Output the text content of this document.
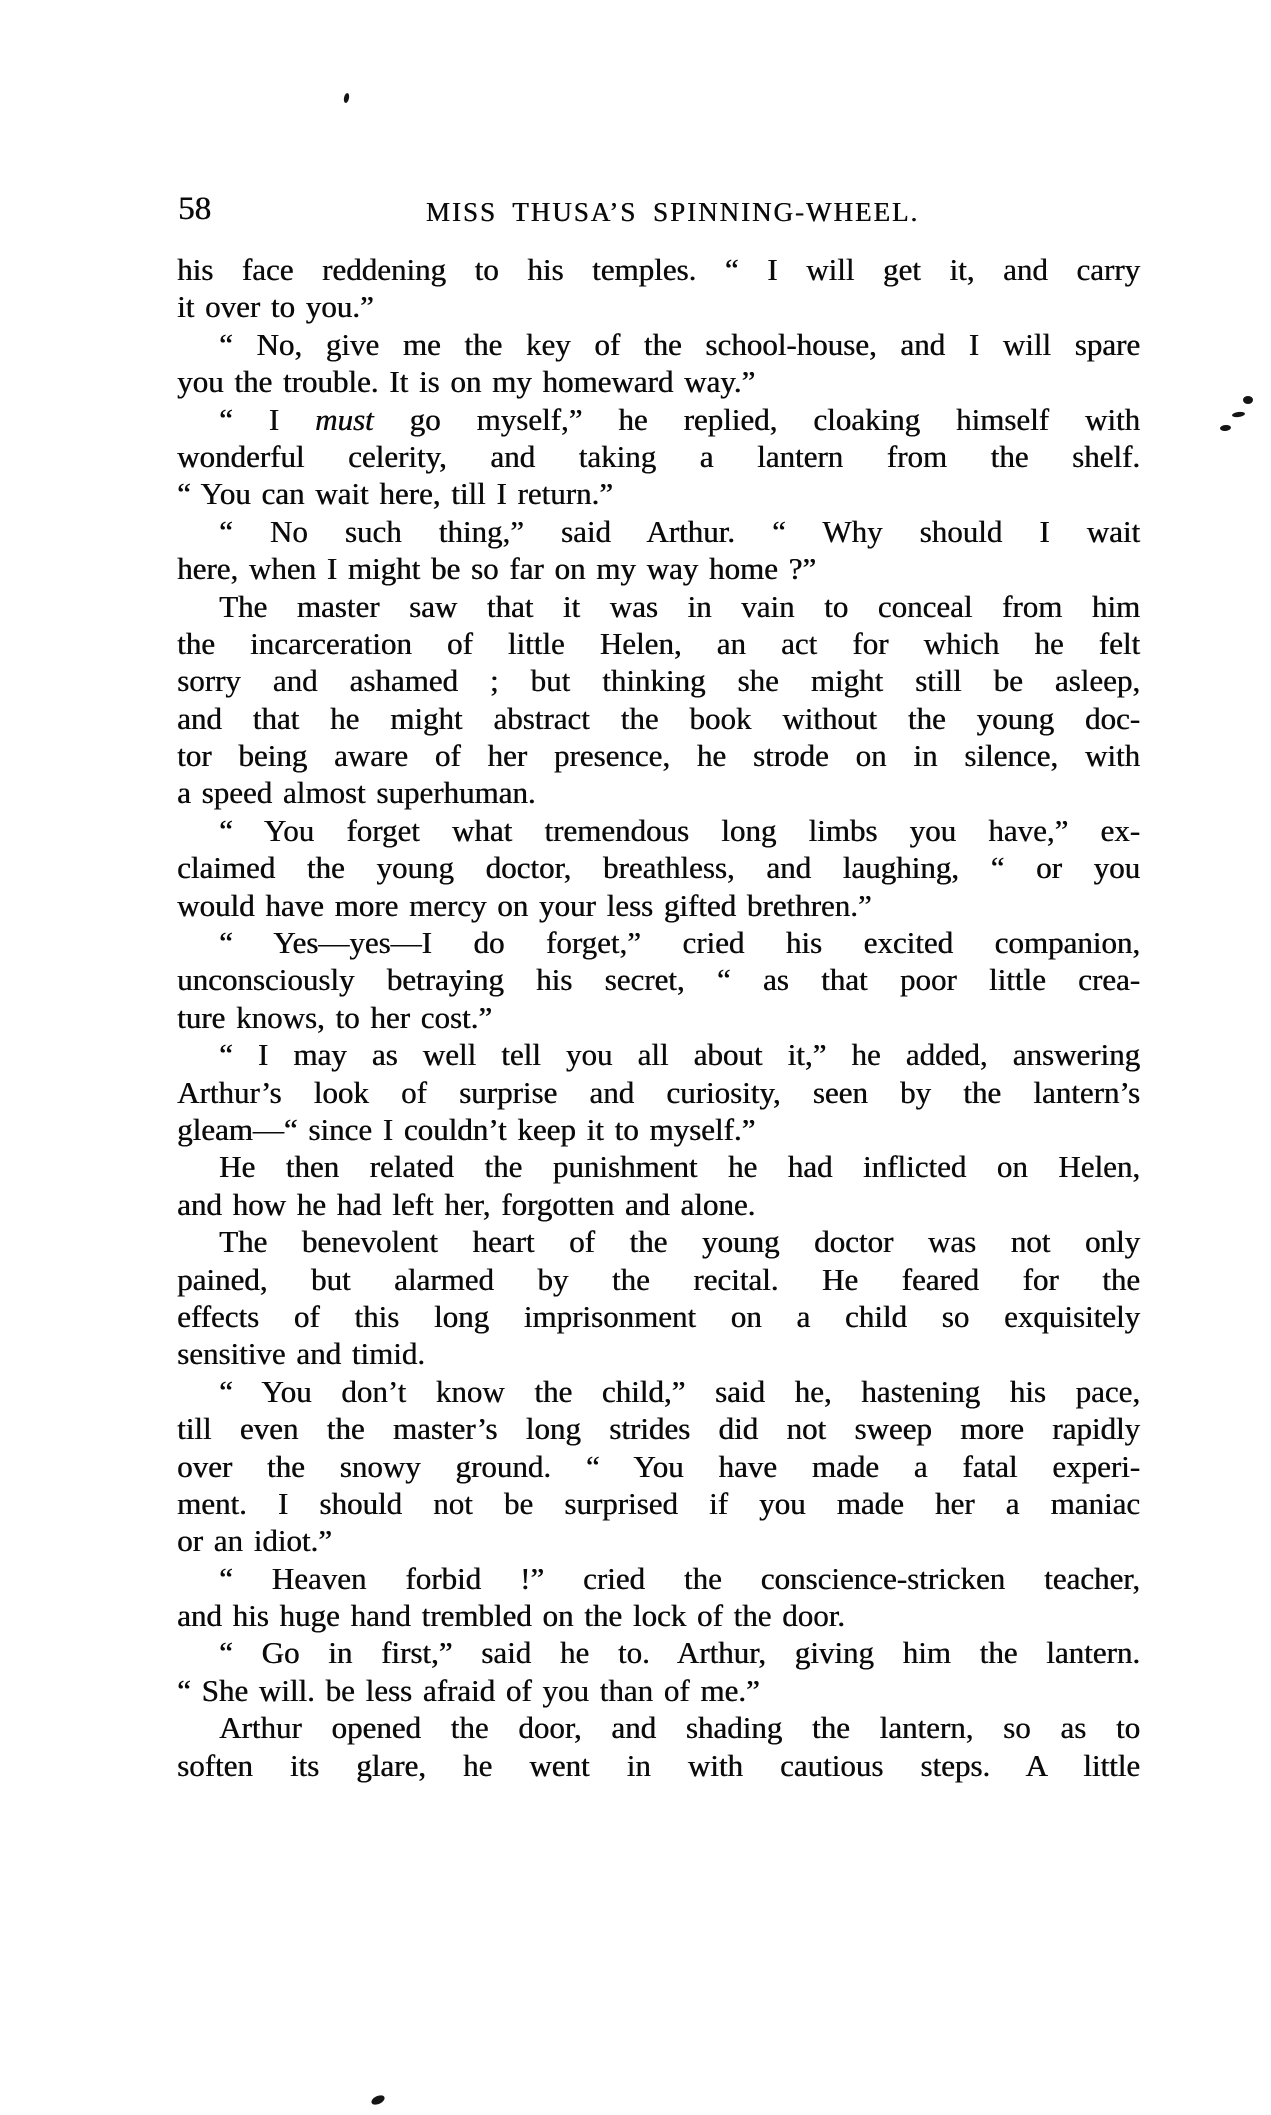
58	MISS THUSA’S SPINNING-WHEEL.
his face reddening to his temples. “ I will get it, and carry
it over to you.”
“ No, give me the key of the school-house, and I will spare
you the trouble. It is on my homeward way.”
“ I must go myself,” he replied, cloaking himself with
wonderful celerity, and taking a lantern from the shelf.
“ You can wait here, till I return.”
“ No such thing,” said Arthur. “ Why should I wait
here, when I might be so far on my way home ?”
The master saw that it was in vain to conceal from him
the incarceration of little Helen, an act for which he felt
sorry and ashamed ; but thinking she might still be asleep,
and that he might abstract the book without the young doc-
tor being aware of her presence, he strode on in silence, with
a speed almost superhuman.
“ You forget what tremendous long limbs you have,” ex-
claimed the young doctor, breathless, and laughing, “ or you
would have more mercy on your less gifted brethren.”
“ Yes—yes—I do forget,” cried his excited companion,
unconsciously betraying his secret, “ as that poor little crea-
ture knows, to her cost.”
“ I may as well tell you all about it,” he added, answering
Arthur’s look of surprise and curiosity, seen by the lantern’s
gleam—“ since I couldn’t keep it to myself.”
He then related the punishment he had inflicted on Helen,
and how he had left her, forgotten and alone.
The benevolent heart of the young doctor was not only
pained, but alarmed by the recital. He feared for the
effects of this long imprisonment on a child so exquisitely
sensitive and timid.
“ You don’t know the child,” said he, hastening his pace,
till even the master’s long strides did not sweep more rapidly
over the snowy ground. “ You have made a fatal experi-
ment. I should not be surprised if you made her a maniac
or an idiot.”
“ Heaven forbid !” cried the conscience-stricken teacher,
and his huge hand trembled on the lock of the door.
“ Go in first,” said he to. Arthur, giving him the lantern.
“ She will. be less afraid of you than of me.”
Arthur opened the door, and shading the lantern, so as to
soften its glare, he went in with cautious steps. A little
